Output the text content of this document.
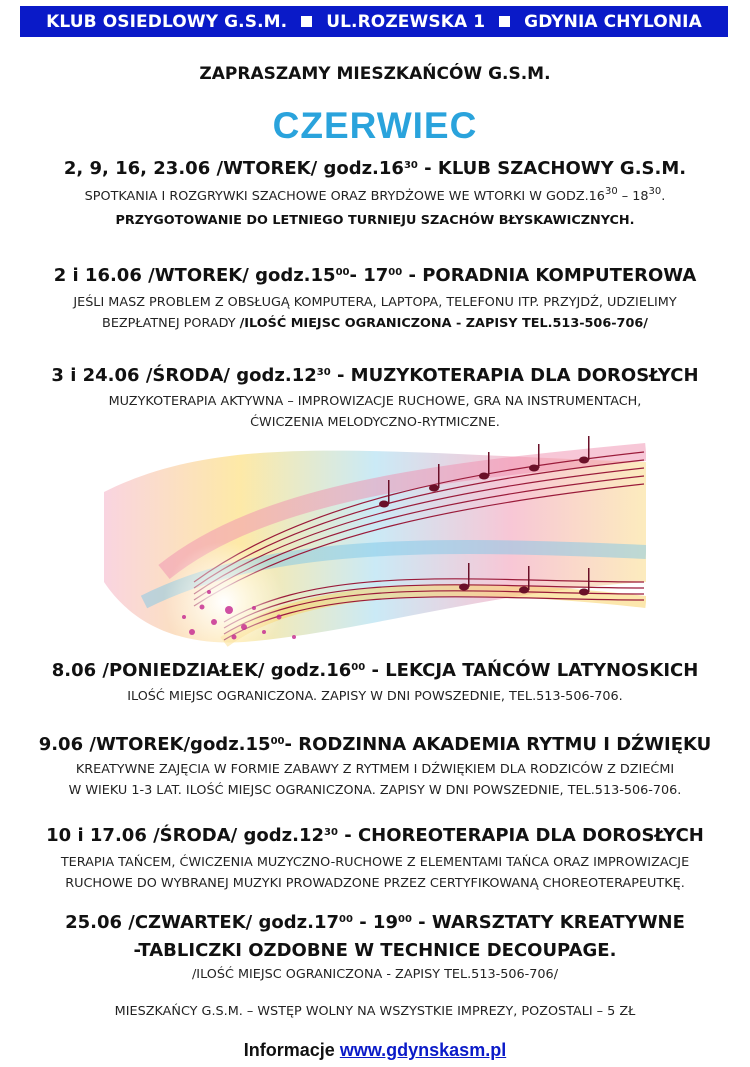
KLUB OSIEDLOWY G.S.M. UL.ROZEWSKA 1 GDYNIA CHYLONIA
ZAPRASZAMY MIESZKAŃCÓW G.S.M.
CZERWIEC
2, 9, 16, 23.06 /WTOREK/ $godz.16^{30}$ - KLUB SZACHOWY G.S.M.
SPOTKANIA I ROZGRYWKI SZACHOWE ORAZ BRYDŻOWE WE WTORKI W $GODZ.16^{30} - 18^{30}$.
PRZYGOTOWANIE DO LETNIEGO TURNIEJU SZACHÓW BŁYSKAWICZNYCH.
2 i 16.06 /WTOREK/ $godz.15^{00}-$ $17^{00}$ - PORADNIA KOMPUTEROWA
JEŚLI MASZ PROBLEM Z OBSŁUGĄ KOMPUTERA, LAPTOPA, TELEFONU ITP. PRZYJDŹ, UDZIELIMY
BEZPŁATNEJ PORADY /ILOŚĆ MIEJSC OGRANICZONA - ZAPISY TEL.513-506-706/
3 i 24.06 /ŚRODA/ $godz.12^{30}$ - MUZYKOTERAPIA DLA DOROSŁYCH
MUZYKOTERAPIA AKTYWNA – IMPROWIZACJE RUCHOWE, GRA NA INSTRUMENTACH,
ĆWICZENIA MELODYCZNO-RYTMICZNE.
8.06 /PONIEDZIAŁEK/ $godz.16^{00}$ - LEKCJA TAŃCÓW LATYNOSKICH
ILOŚĆ MIEJSC OGRANICZONA. ZAPISY W DNI POWSZEDNIE, TEL.513-506-706.
9.06 $/WTOREK/godz.15^{00}-$ RODZINNA AKADEMIA RYTMU I DŹWIĘKU
KREATYWNE ZAJĘCIA W FORMIE ZABAWY Z RYTMEM I DŹWIĘKIEM DLA RODZICÓW Z DZIEĆMI
W WIEKU 1-3 LAT. ILOŚĆ MIEJSC OGRANICZONA. ZAPISY W DNI POWSZEDNIE, TEL.513-506-706.
10 i 17.06 /ŚRODA/ $godz.12^{30}$ - CHOREOTERAPIA DLA DOROSŁYCH
TERAPIA TAŃCEM, ĆWICZENIA MUZYCZNO-RUCHOWE Z ELEMENTAMI TAŃCA ORAZ IMPROWIZACJE
RUCHOWE DO WYBRANEJ MUZYKI PROWADZONE PRZEZ CERTYFIKOWANĄ CHOREOTERAPEUTKĘ.
25.06 /CZWARTEK/ $godz.17^{00} - 19^{00}$ - WARSZTATY KREATYWNE
-TABLICZKI OZDOBNE W TECHNICE DECOUPAGE.
/ILOŚĆ MIEJSC OGRANICZONA - ZAPISY TEL.513-506-706/
MIESZKAŃCY G.S.M. – WSTĘP WOLNY NA WSZYSTKIE IMPREZY, POZOSTALI – 5 ZŁ
Informacje www.gdynskasm.pl
